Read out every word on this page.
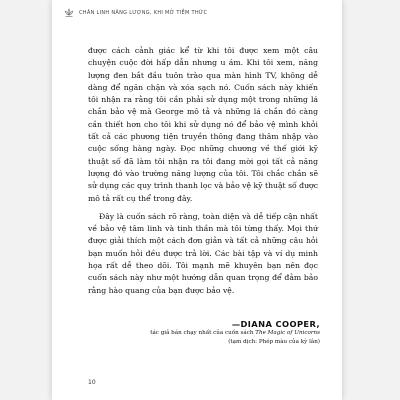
CHÂN LINH NĂNG LƯỢNG, KHI MỞ TIỀM THỨC

được cách cảnh giác kể từ khi tôi được xem một câu chuyện cuộc đời hấp dẫn nhưng u ám. Khi tôi xem, năng lượng đen bắt đầu tuôn trào qua màn hình TV, không dễ dàng để ngăn chặn và xóa sạch nó. Cuốn sách này khiến tôi nhận ra rằng tôi cần phải sử dụng một trong những lá chắn bảo vệ mà George mô tả và những lá chắn đó càng cần thiết hơn cho tôi khi sử dụng nó để bảo vệ mình khỏi tất cả các phương tiện truyền thông đang thâm nhập vào cuộc sống hàng ngày. Đọc những chương về thế giới kỹ thuật số đã làm tôi nhận ra tôi đang mời gọi tất cả năng lượng đó vào trường năng lượng của tôi. Tôi chắc chắn sẽ sử dụng các quy trình thanh lọc và bảo vệ kỹ thuật số được mô tả rất cụ thể trong đây.

Đây là cuốn sách rõ ràng, toàn diện và dễ tiếp cận nhất về bảo vệ tâm linh và tinh thần mà tôi từng thấy. Mọi thứ được giải thích một cách đơn giản và tất cả những câu hỏi bạn muốn hỏi đều được trả lời. Các bài tập và ví dụ minh họa rất dễ theo dõi. Tôi mạnh mẽ khuyên bạn nên đọc cuốn sách này như một hướng dẫn quan trọng để đảm bảo rằng hào quang của bạn được bảo vệ.

—DIANA COOPER,
tác giả bán chạy nhất của cuốn sách The Magic of Unicorns
(tạm dịch: Phép màu của kỳ lân)
10
